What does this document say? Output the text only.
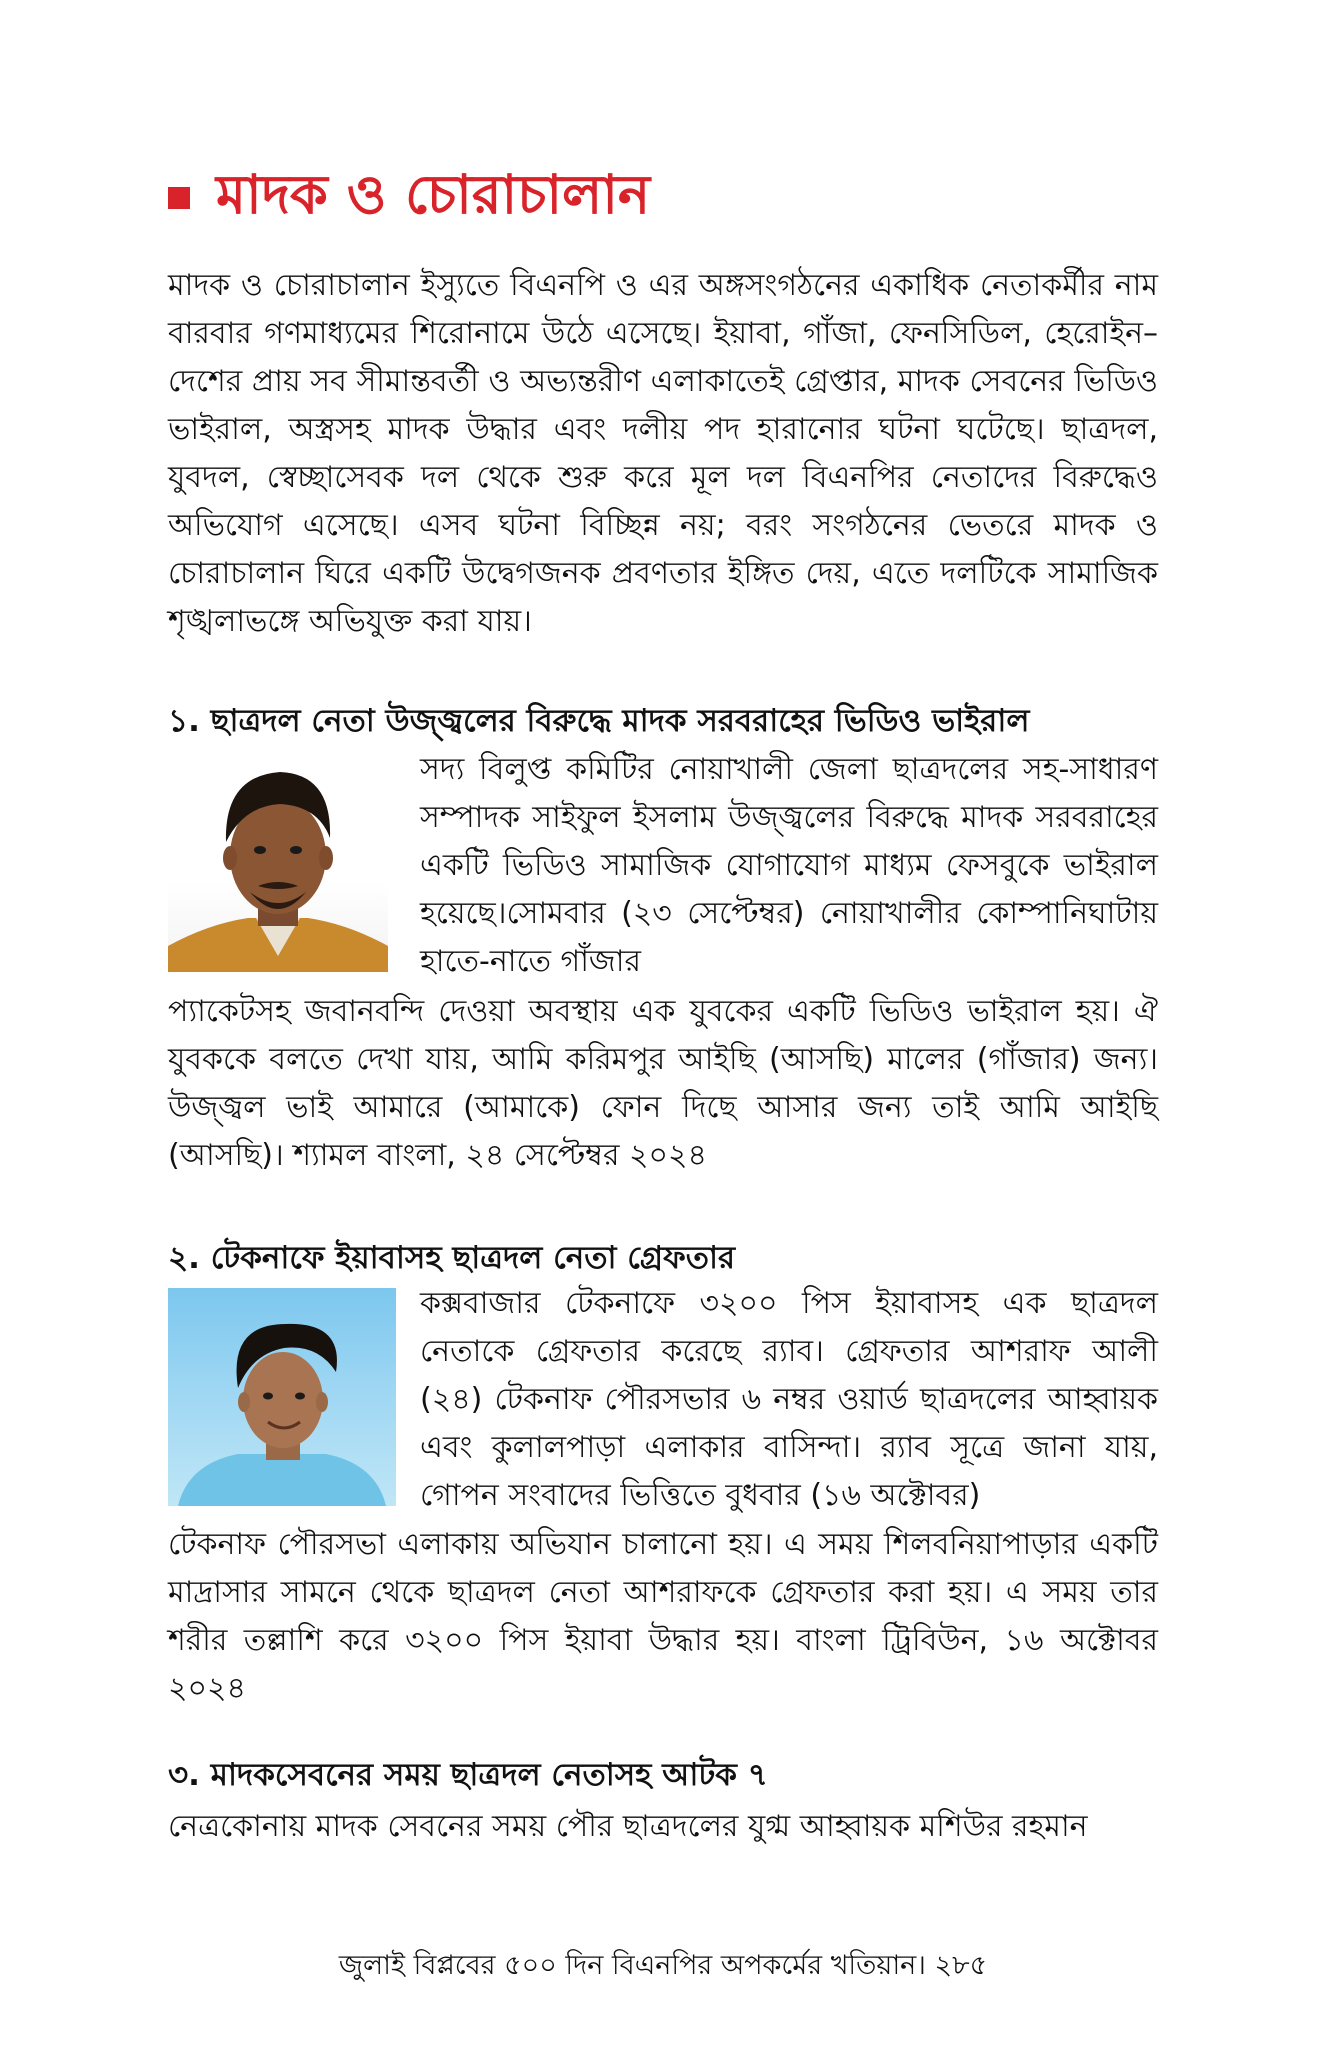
মাদক ও চোরাচালান

মাদক ও চোরাচালান ইস্যুতে বিএনপি ও এর অঙ্গসংগঠনের একাধিক নেতাকর্মীর নাম বারবার গণমাধ্যমের শিরোনামে উঠে এসেছে। ইয়াবা, গাঁজা, ফেনসিডিল, হেরোইন–দেশের প্রায় সব সীমান্তবর্তী ও অভ্যন্তরীণ এলাকাতেই গ্রেপ্তার, মাদক সেবনের ভিডিও ভাইরাল, অস্ত্রসহ মাদক উদ্ধার এবং দলীয় পদ হারানোর ঘটনা ঘটেছে। ছাত্রদল, যুবদল, স্বেচ্ছাসেবক দল থেকে শুরু করে মূল দল বিএনপির নেতাদের বিরুদ্ধেও অভিযোগ এসেছে। এসব ঘটনা বিচ্ছিন্ন নয়; বরং সংগঠনের ভেতরে মাদক ও চোরাচালান ঘিরে একটি উদ্বেগজনক প্রবণতার ইঙ্গিত দেয়, এতে দলটিকে সামাজিক শৃঙ্খলাভঙ্গে অভিযুক্ত করা যায়।

১. ছাত্রদল নেতা উজ্জ্বলের বিরুদ্ধে মাদক সরবরাহের ভিডিও ভাইরাল

সদ্য বিলুপ্ত কমিটির নোয়াখালী জেলা ছাত্রদলের সহ-সাধারণ সম্পাদক সাইফুল ইসলাম উজ্জ্বলের বিরুদ্ধে মাদক সরবরাহের একটি ভিডিও সামাজিক যোগাযোগ মাধ্যম ফেসবুকে ভাইরাল হয়েছে।সোমবার (২৩ সেপ্টেম্বর) নোয়াখালীর কোম্পানিঘাটায় হাতে-নাতে গাঁজার

প্যাকেটসহ জবানবন্দি দেওয়া অবস্থায় এক যুবকের একটি ভিডিও ভাইরাল হয়। ঐ যুবককে বলতে দেখা যায়, আমি করিমপুর আইছি (আসছি) মালের (গাঁজার) জন্য। উজ্জ্বল ভাই আমারে (আমাকে) ফোন দিছে আসার জন্য তাই আমি আইছি (আসছি)। শ্যামল বাংলা, ২৪ সেপ্টেম্বর ২০২৪

২. টেকনাফে ইয়াবাসহ ছাত্রদল নেতা গ্রেফতার

কক্সবাজার টেকনাফে ৩২০০ পিস ইয়াবাসহ এক ছাত্রদল নেতাকে গ্রেফতার করেছে র‍্যাব। গ্রেফতার আশরাফ আলী (২৪) টেকনাফ পৌরসভার ৬ নম্বর ওয়ার্ড ছাত্রদলের আহ্বায়ক এবং কুলালপাড়া এলাকার বাসিন্দা। র‍্যাব সূত্রে জানা যায়, গোপন সংবাদের ভিত্তিতে বুধবার (১৬ অক্টোবর)

টেকনাফ পৌরসভা এলাকায় অভিযান চালানো হয়। এ সময় শিলবনিয়াপাড়ার একটি মাদ্রাসার সামনে থেকে ছাত্রদল নেতা আশরাফকে গ্রেফতার করা হয়। এ সময় তার শরীর তল্লাশি করে ৩২০০ পিস ইয়াবা উদ্ধার হয়। বাংলা ট্রিবিউন, ১৬ অক্টোবর ২০২৪

৩. মাদকসেবনের সময় ছাত্রদল নেতাসহ আটক ৭

নেত্রকোনায় মাদক সেবনের সময় পৌর ছাত্রদলের যুগ্ম আহ্বায়ক মশিউর রহমান

জুলাই বিপ্লবের ৫০০ দিন বিএনপির অপকর্মের খতিয়ান। ২৮৫
